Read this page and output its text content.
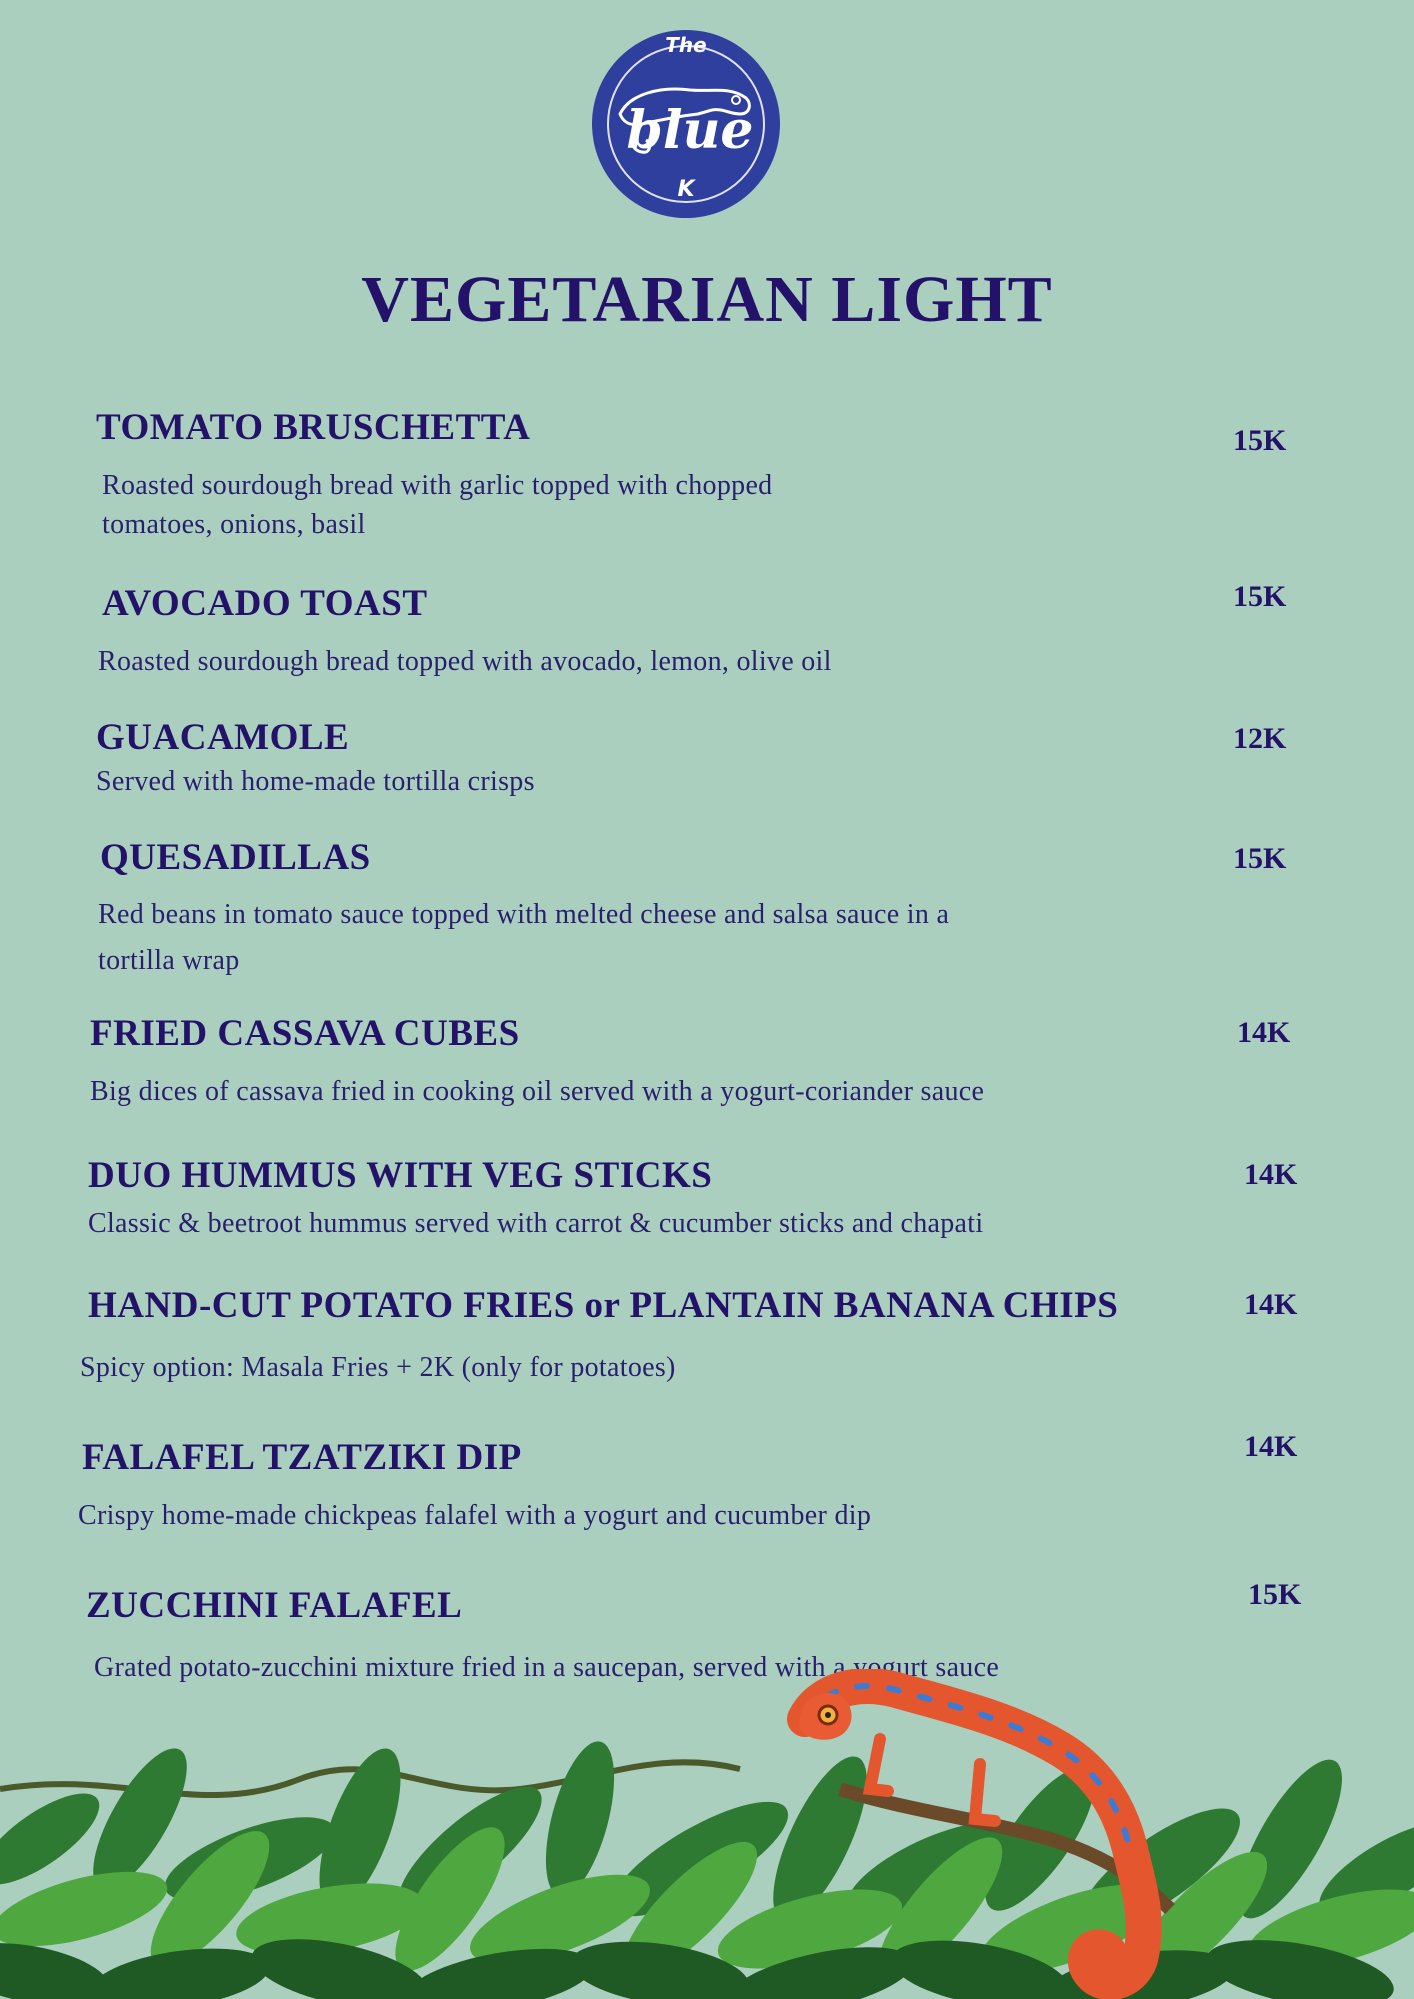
The
blue
K
VEGETARIAN LIGHT
TOMATO BRUSCHETTA	15K
Roasted sourdough bread with garlic topped with chopped
tomatoes, onions, basil
AVOCADO TOAST	15K
Roasted sourdough bread topped with avocado, lemon, olive oil
GUACAMOLE	12K
Served with home-made tortilla crisps
QUESADILLAS	15K
Red beans in tomato sauce topped with melted cheese and salsa sauce in a
tortilla wrap
FRIED CASSAVA CUBES	14K
Big dices of cassava fried in cooking oil served with a yogurt-coriander sauce
DUO HUMMUS WITH VEG STICKS	14K
Classic & beetroot hummus served with carrot & cucumber sticks and chapati
HAND-CUT POTATO FRIES or PLANTAIN BANANA CHIPS	14K
Spicy option: Masala Fries + 2K (only for potatoes)
FALAFEL TZATZIKI DIP	14K
Crispy home-made chickpeas falafel with a yogurt and cucumber dip
ZUCCHINI FALAFEL	15K
Grated potato-zucchini mixture fried in a saucepan, served with a yogurt sauce
